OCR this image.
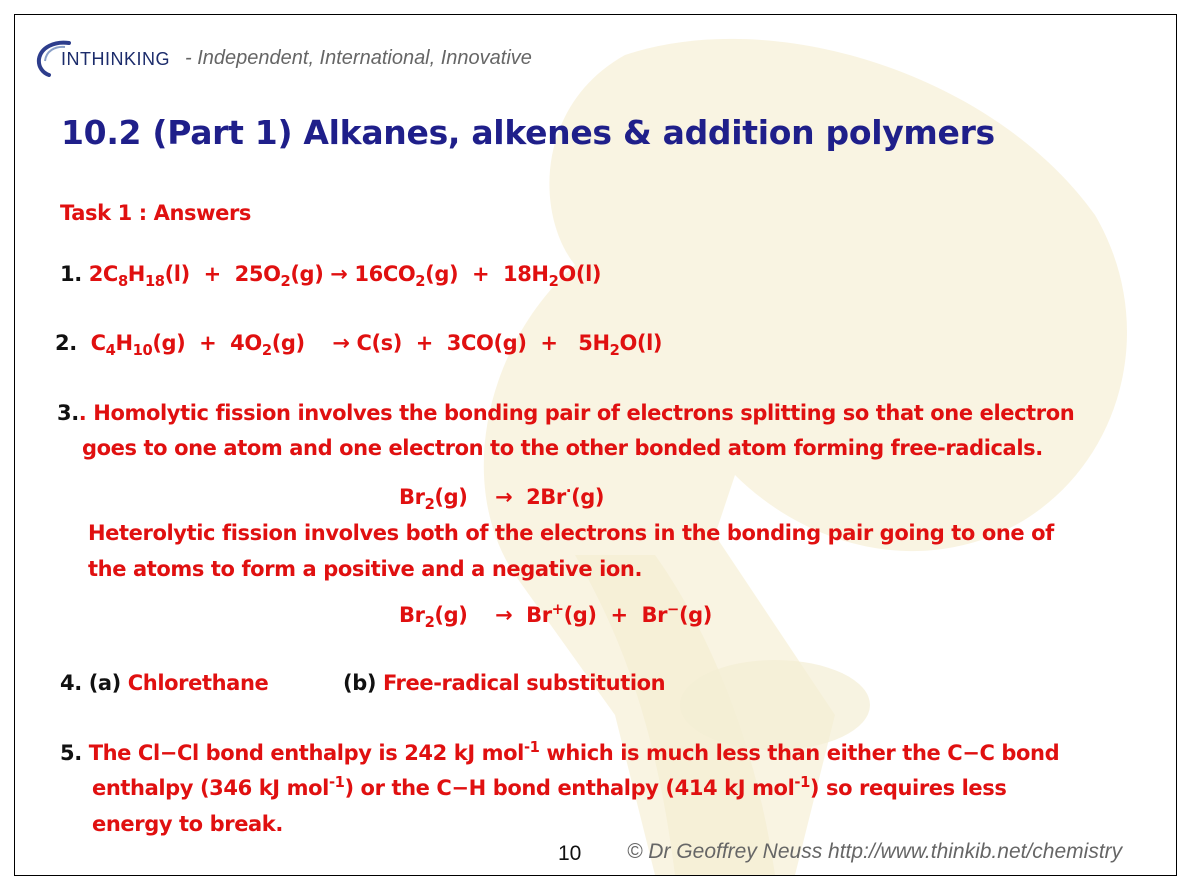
INTHINKING - Independent, International, Innovative
10.2 (Part 1) Alkanes, alkenes & addition polymers
Task 1 : Answers
1. $2C_8H_{18}(l) + 25O_2(g) \to 16CO_2(g) + 18H_2O(l)$
2.  $C_4H_{10}(g) + 4O_2(g)$    → $C(s) + 3CO(g) + 5H_2O(l)$
3.. Homolytic fission involves the bonding pair of electrons splitting so that one electron
goes to one atom and one electron to the other bonded atom forming free-radicals.
$Br_2(g)$    →  2Br·(g)
Heterolytic fission involves both of the electrons in the bonding pair going to one of
the atoms to form a positive and a negative ion.
$Br_2(g)$    →  Br+(g)  +  Br−(g)
4. (a) Chlorethane	(b) Free-radical substitution
5. The Cl−Cl bond enthalpy is 242 kJ mol$^{-1}$ which is much less than either the C−C bond
enthalpy (346 kJ mol$^{-1}$) or the C−H bond enthalpy (414 kJ mol$^{-1}$) so requires less
energy to break.
10 © Dr Geoffrey Neuss http://www.thinkib.net/chemistry
